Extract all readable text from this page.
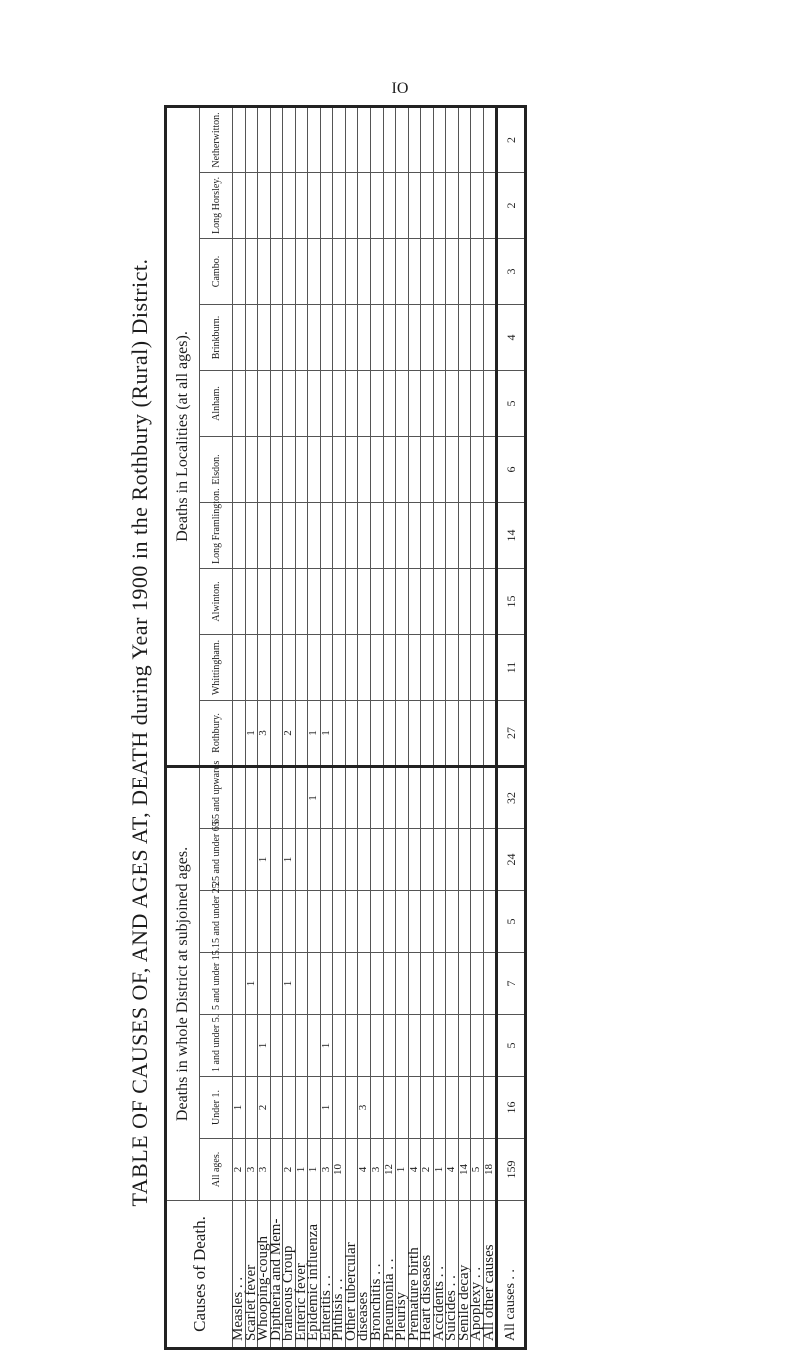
IO
TABLE OF CAUSES OF, AND AGES AT, DEATH during Year 1900 in the Rothbury (Rural) District.
Causes of Death.	Deaths in whole District at subjoined ages.							Deaths in Localities (at all ages).									
	All ages.	Under 1.	1 and under 5.	5 and under 15.	15 and under 25	25 and under 65	65 and upwards	Rothbury.	Whittingham.	Alwinton.	Long Framlington.	Elsdon.	Alnham.	Brinkburn.	Cambo.	Long Horsley.	Netherwitton.
Measles . .	2	1															
Scarlet fever	3			1				1									
Whooping-cough	3	2	1			1		3									
Diptheria and Mem-																	
braneous Croup	2			1		1		2									
Enteric fever	1																
Epidemic influenza	1						1	1									
Enteritis . .	3	1	1					1									
Phthisis . .	10																
Other tubercular																	
diseases	4	3															
Bronchitis . .	3																
Pneumonia . .	12																
Pleurisy	1																
Premature birth	4																
Heart diseases	2																
Accidents . .	1																
Suicides . .	4																
Senile decay	14																
Apoplexy . .	5																
All other causes	18																
All causes . .	159	16	5	7	5	24	32	27	11	15	14	6	5	4	3	2	2
